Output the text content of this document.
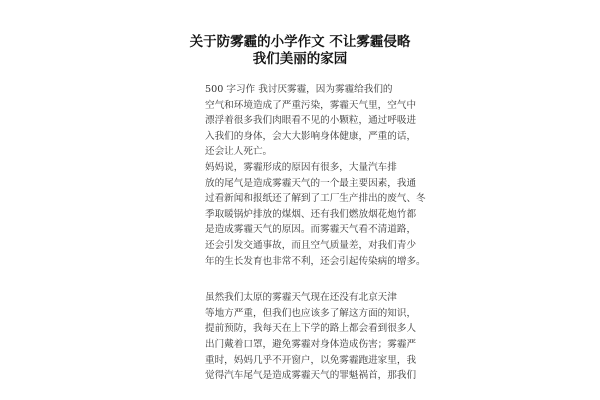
关于防雾霾的小学作文 不让雾霾侵略
我们美丽的家园
500 字习作 我讨厌雾霾，因为雾霾给我们的
空气和环境造成了严重污染，雾霾天气里，空气中
漂浮着很多我们肉眼看不见的小颗粒，通过呼吸进
入我们的身体，会大大影响身体健康，严重的话，
还会让人死亡。
妈妈说，雾霾形成的原因有很多，大量汽车排
放的尾气是造成雾霾天气的一个最主要因素，我通
过看新闻和报纸还了解到了工厂生产排出的废气、冬
季取暖锅炉排放的煤烟、还有我们燃放烟花炮竹都
是造成雾霾天气的原因。而雾霾天气看不清道路，
还会引发交通事故，而且空气质量差，对我们青少
年的生长发育也非常不利，还会引起传染病的增多。
虽然我们太原的雾霾天气现在还没有北京天津
等地方严重，但我们也应该多了解这方面的知识，
提前预防，我每天在上下学的路上都会看到很多人
出门戴着口罩，避免雾霾对身体造成伤害；雾霾严
重时，妈妈几乎不开窗户，以免雾霾跑进家里，我
觉得汽车尾气是造成雾霾天气的罪魁祸首，那我们
